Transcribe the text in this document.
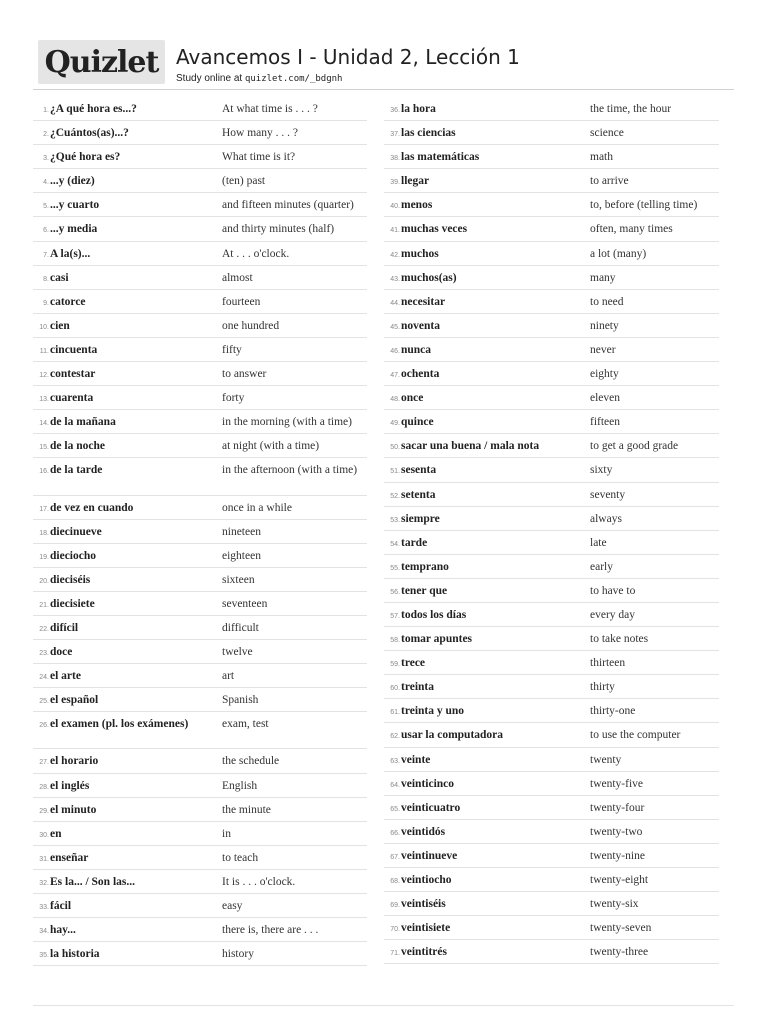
Quizlet Avancemos I - Unidad 2, Lección 1
Study online at quizlet.com/_bdgnh
1. ¿A qué hora es...?	At what time is . . . ?
2. ¿Cuántos(as)...?	How many . . . ?
3. ¿Qué hora es?	What time is it?
4. ...y (diez)	(ten) past
5. ...y cuarto	and fifteen minutes (quarter)
6. ...y media	and thirty minutes (half)
7. A la(s)...	At . . . o'clock.
8. casi	almost
9. catorce	fourteen
10. cien	one hundred
11. cincuenta	fifty
12. contestar	to answer
13. cuarenta	forty
14. de la mañana	in the morning (with a time)
15. de la noche	at night (with a time)
16. de la tarde	in the afternoon (with a time)
17. de vez en cuando	once in a while
18. diecinueve	nineteen
19. dieciocho	eighteen
20. dieciséis	sixteen
21. diecisiete	seventeen
22. difícil	difficult
23. doce	twelve
24. el arte	art
25. el español	Spanish
26. el examen (pl. los exámenes)	exam, test
27. el horario	the schedule
28. el inglés	English
29. el minuto	the minute
30. en	in
31. enseñar	to teach
32. Es la... / Son las...	It is . . . o'clock.
33. fácil	easy
34. hay...	there is, there are . . .
35. la historia	history
36. la hora	the time, the hour
37. las ciencias	science
38. las matemáticas	math
39. llegar	to arrive
40. menos	to, before (telling time)
41. muchas veces	often, many times
42. muchos	a lot (many)
43. muchos(as)	many
44. necesitar	to need
45. noventa	ninety
46. nunca	never
47. ochenta	eighty
48. once	eleven
49. quince	fifteen
50. sacar una buena / mala nota	to get a good grade
51. sesenta	sixty
52. setenta	seventy
53. siempre	always
54. tarde	late
55. temprano	early
56. tener que	to have to
57. todos los días	every day
58. tomar apuntes	to take notes
59. trece	thirteen
60. treinta	thirty
61. treinta y uno	thirty-one
62. usar la computadora	to use the computer
63. veinte	twenty
64. veinticinco	twenty-five
65. veinticuatro	twenty-four
66. veintidós	twenty-two
67. veintinueve	twenty-nine
68. veintiocho	twenty-eight
69. veintiséis	twenty-six
70. veintisiete	twenty-seven
71. veintitrés	twenty-three
